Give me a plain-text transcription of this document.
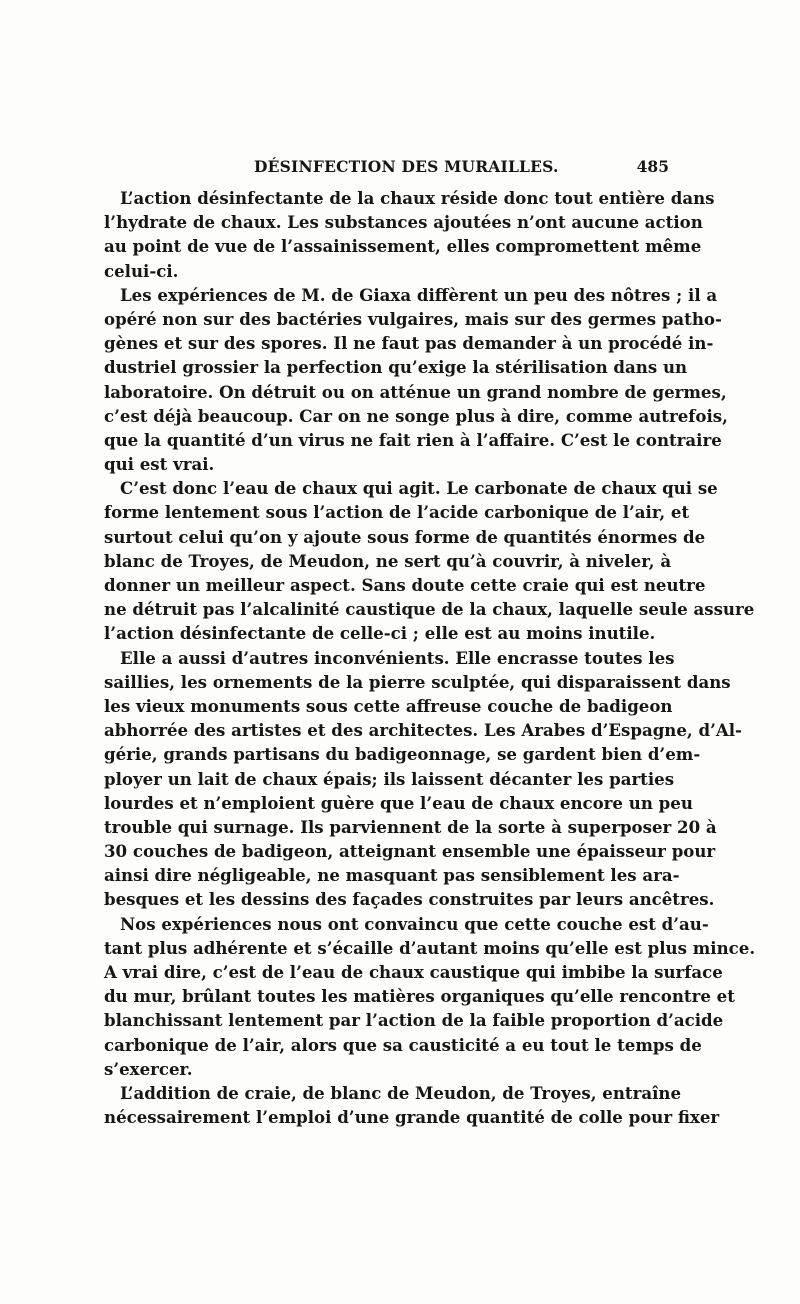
DÉSINFECTION DES MURAILLES.	485
L’action désinfectante de la chaux réside donc tout entière dans
l’hydrate de chaux. Les substances ajoutées n’ont aucune action
au point de vue de l’assainissement, elles compromettent même
celui-ci.
Les expériences de M. de Giaxa diffèrent un peu des nôtres ; il a
opéré non sur des bactéries vulgaires, mais sur des germes patho-
gènes et sur des spores. Il ne faut pas demander à un procédé in-
dustriel grossier la perfection qu’exige la stérilisation dans un
laboratoire. On détruit ou on atténue un grand nombre de germes,
c’est déjà beaucoup. Car on ne songe plus à dire, comme autrefois,
que la quantité d’un virus ne fait rien à l’affaire. C’est le contraire
qui est vrai.
C’est donc l’eau de chaux qui agit. Le carbonate de chaux qui se
forme lentement sous l’action de l’acide carbonique de l’air, et
surtout celui qu’on y ajoute sous forme de quantités énormes de
blanc de Troyes, de Meudon, ne sert qu’à couvrir, à niveler, à
donner un meilleur aspect. Sans doute cette craie qui est neutre
ne détruit pas l’alcalinité caustique de la chaux, laquelle seule assure
l’action désinfectante de celle-ci ; elle est au moins inutile.
Elle a aussi d’autres inconvénients. Elle encrasse toutes les
saillies, les ornements de la pierre sculptée, qui disparaissent dans
les vieux monuments sous cette affreuse couche de badigeon
abhorrée des artistes et des architectes. Les Arabes d’Espagne, d’Al-
gérie, grands partisans du badigeonnage, se gardent bien d’em-
ployer un lait de chaux épais; ils laissent décanter les parties
lourdes et n’emploient guère que l’eau de chaux encore un peu
trouble qui surnage. Ils parviennent de la sorte à superposer 20 à
30 couches de badigeon, atteignant ensemble une épaisseur pour
ainsi dire négligeable, ne masquant pas sensiblement les ara-
besques et les dessins des façades construites par leurs ancêtres.
Nos expériences nous ont convaincu que cette couche est d’au-
tant plus adhérente et s’écaille d’autant moins qu’elle est plus mince.
A vrai dire, c’est de l’eau de chaux caustique qui imbibe la surface
du mur, brûlant toutes les matières organiques qu’elle rencontre et
blanchissant lentement par l’action de la faible proportion d’acide
carbonique de l’air, alors que sa causticité a eu tout le temps de
s’exercer.
L’addition de craie, de blanc de Meudon, de Troyes, entraîne
nécessairement l’emploi d’une grande quantité de colle pour fixer
